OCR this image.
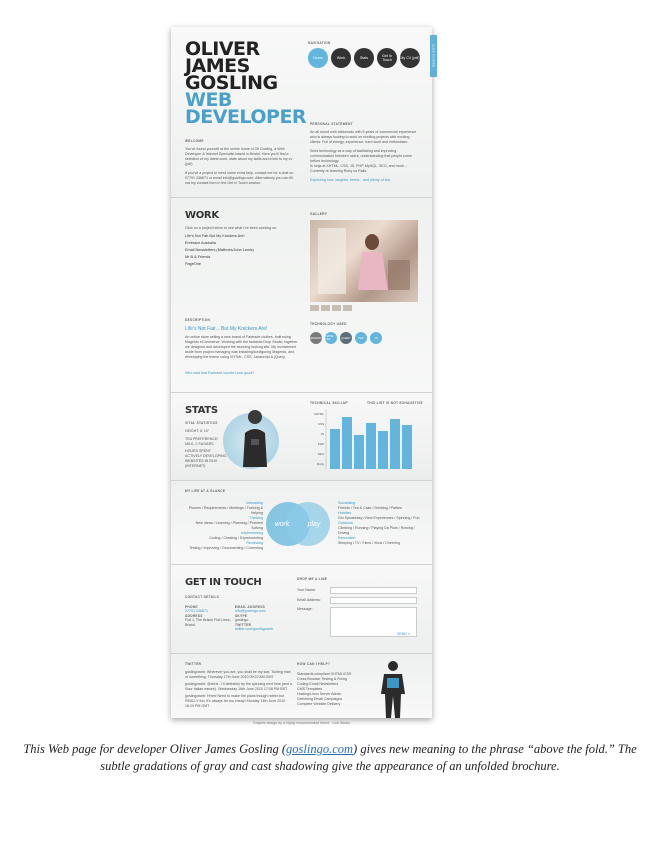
OLIVER
JAMES
GOSLING
WEB
DEVELOPER
NAVIGATION
Home	Work	Stats	Get In Touch	My CV (pdf)	CLICK TO OPEN
WELCOME
You've found yourself at the online home of Oli Gosling, a Web Developer & Internet Specialist based in Bristol. Here you'll find a selection of my latest work, state about my skills and a link to my cv (pdf).
If you've a project or need some extra help, contact me for a chat on 07791 436671 or email info@goslingo.com. Alternatively you can fill out my contact form in the Get In Touch section.
PERSONAL STATEMENT
An all round web aficionado with 5 years of commercial experience who is always looking to work on exciting projects with exciting clients. Full of energy, experience, hard work and enthusiasm.
Sees technology as a way of facilitating and improving communication between users, understanding that people come before technology.
Is ninja at XHTML, CSS, JS, PHP, MySQL, SEO, and more... Currently re-learning Ruby on Rails.
Expecting love, laughter, beers... and plenty of tea.
WORK
Click on a project below to see what I've been working on.
Life's Not Fair But My Knickers Are!
Embrace Australia
Email Newsletters (Mattroes/John Lewis)
Mr B & Friends
PageOne
DESCRIPTION
Life's Not Fair... But My Knickers Are!
An online store selling a new brand of Fairtrade clothes, built using Magento eCommerce. Working with the fantastic Drop Studio, together we designed and developed the stunning looking site. My involvement aside from project managing was installing/configuring Magento, and developing the theme using XHTML, CSS, Javascript & jQuery.
Who said that Fairtrade couldn't look good?
GALLERY
TECHNOLOGY USED
MAGENTO XHTML CSS	jQUERY	PHP	JS
STATS
VITAL STATISTICS
HEIGHT: 6' 10"
TEA PREFERENCE: MILK, 2 SUGARS
HOURS SPENT ACTIVELY DEVELOPING WEBSITES IN 2010 (INTERNET)
TECHNICAL SKILLUP	THIS LIST IS NOT EXHAUSTIVE
XHTML
CSS
JS
PHP
SEO
Ruby
MY LIFE AT A GLANCE
Interacting
Phones / Requirements / Meetings / Training & Helping
Thinking
New Ideas / Learning / Planning / Problem Solving
Implementing
Coding / Creating / Experimenting
Reviewing
Testing / Improving / Documenting / Correcting
work	play
Socialising
Friends / Tea & Cake / Drinking / Parties
Hobbies
Gin Speakeasy / New Experiences / Spinning / Fun
Outdoors
Climbing / Running / Playing Da Plain / Rowing / Driving
Recreation
Sleeping / TV / Films / Xbox / Cheering
GET IN TOUCH
CONTACT DETAILS
PHONE
07791 436671
ADDRESS
Flat 1, The Bristol Flat Lines, Bristol
EMAIL ADDRESS
info@goslingo.com
SKYPE
goslingo
TWITTER
twitter.com/goslingoweb
DROP ME A LINE
Your Name:
Email Address:
Message:
SEND »
TWITTER
goslingoweb: Wherever you are, you shall be my star. Tooting man or something. Thursday 17th June 2010 09:22 AM GMT
goslingoweb: @chris - I'll definitely try the spinning next time (and a Sour Italian easier!). Wednesday 16th June 2010 17:08 PM BST
goslingoweb: Hmm! Need to make the plans though rather-but REALLY fun, it's always far too cheap! Monday 14th June 2010 16:29 PM GMT
HOW CAN I HELP?
Standards compliant XHTML/CSS
Cross Browser Testing & Fixing
Coding Email Newsletters
CMS Templates
Hosting/Linux Server Admin
Delivering Email Campaigns
Complete Website Delivery
Graphic design by a highly recommended friend · Lick Studio
This Web page for developer Oliver James Gosling (goslingo.com) gives new meaning to the phrase “above the fold.” The subtle gradations of gray and cast shadowing give the appearance of an unfolded brochure.
